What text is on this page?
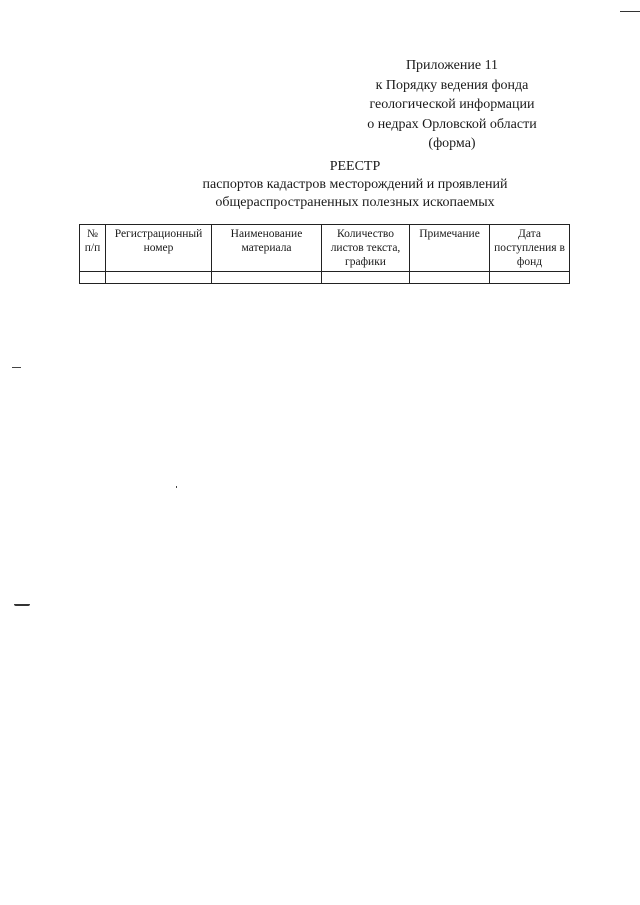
Приложение 11
к Порядку ведения фонда
геологической информации
о недрах Орловской области
(форма)
РЕЕСТР
паспортов кадастров месторождений и проявлений
общераспространенных полезных ископаемых
№ п/п	Регистрационный номер	Наименование материала	Количество листов текста, графики	Примечание	Дата поступления в фонд
